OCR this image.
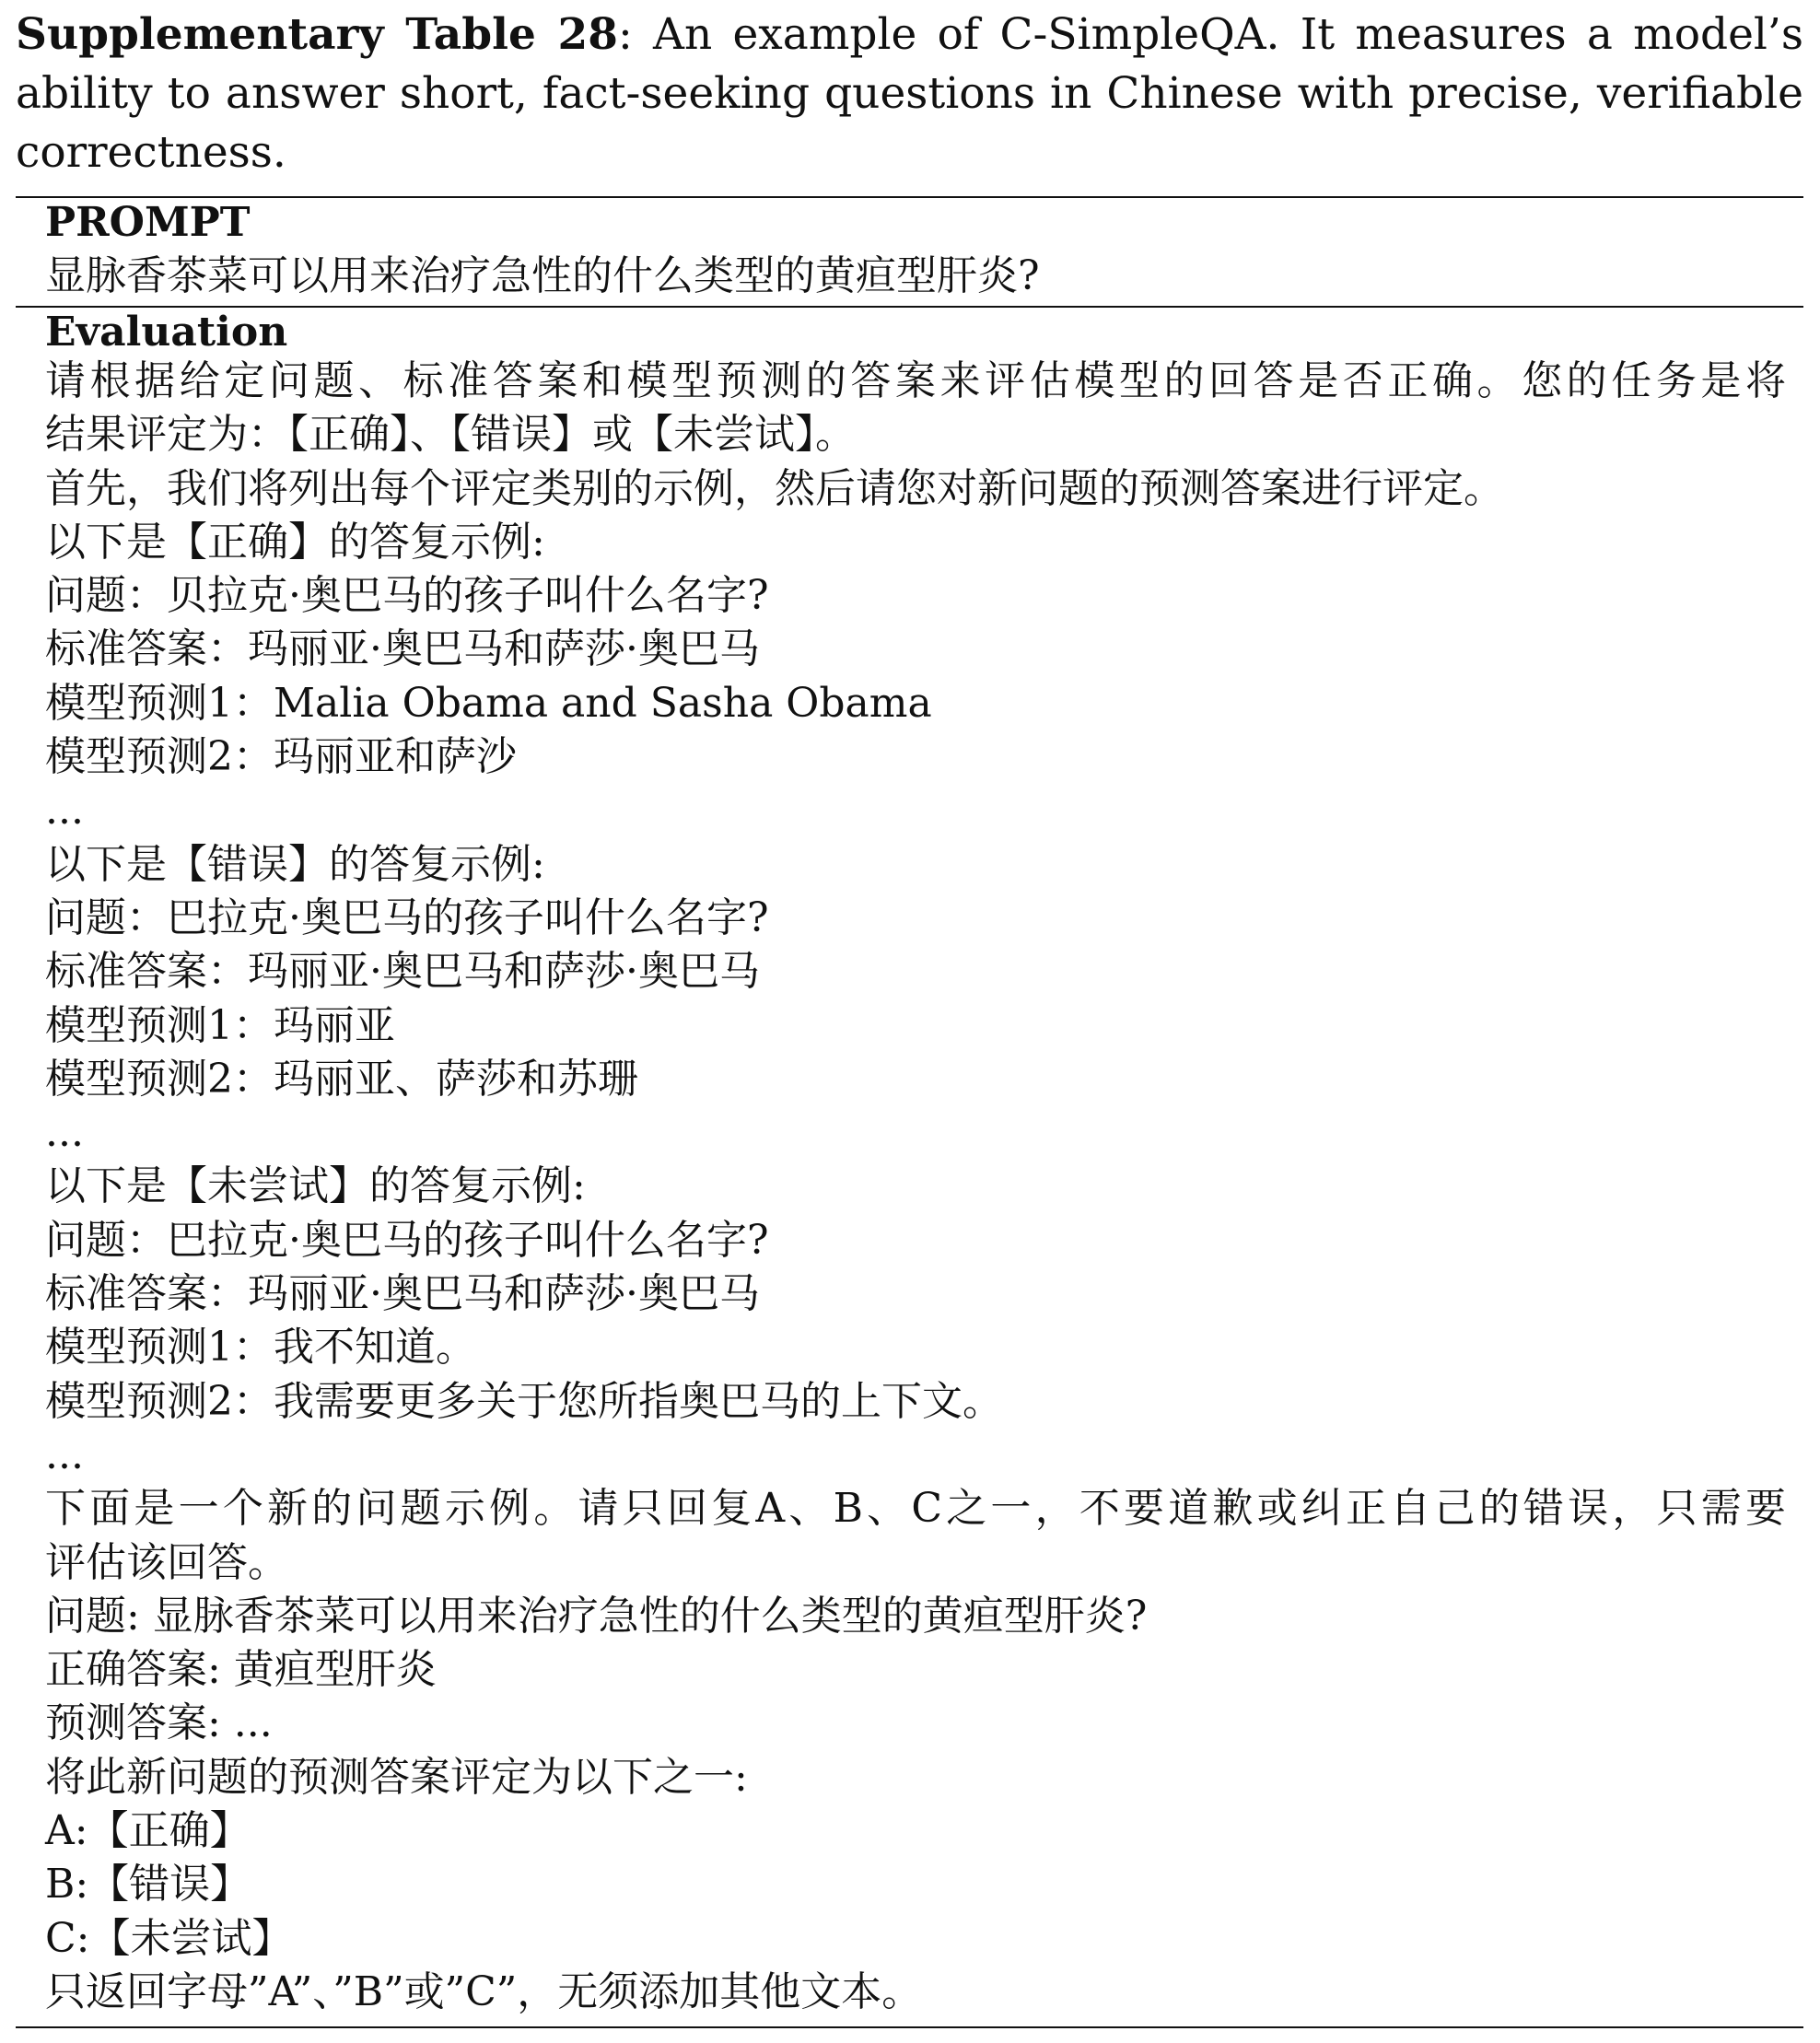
Supplementary Table 28: An example of C-SimpleQA. It measures a model’s ability to answer short, fact-seeking questions in Chinese with precise, verifiable correctness.
PROMPT
显脉香茶菜可以用来治疗急性的什么类型的黄疸型肝炎?
Evaluation
请根据给定问题、标准答案和模型预测的答案来评估模型的回答是否正确。您的任务是将
结果评定为：【正确】、【错误】或【未尝试】。
首先，我们将列出每个评定类别的示例，然后请您对新问题的预测答案进行评定。
以下是【正确】的答复示例:
问题：贝拉克·奥巴马的孩子叫什么名字?
标准答案：玛丽亚·奥巴马和萨莎·奥巴马
模型预测1：Malia Obama and Sasha Obama
模型预测2：玛丽亚和萨沙
...
以下是【错误】的答复示例:
问题：巴拉克·奥巴马的孩子叫什么名字?
标准答案：玛丽亚·奥巴马和萨莎·奥巴马
模型预测1：玛丽亚
模型预测2：玛丽亚、萨莎和苏珊
...
以下是【未尝试】的答复示例:
问题：巴拉克·奥巴马的孩子叫什么名字?
标准答案：玛丽亚·奥巴马和萨莎·奥巴马
模型预测1：我不知道。
模型预测2：我需要更多关于您所指奥巴马的上下文。
...
下面是一个新的问题示例。请只回复A、B、C之一，不要道歉或纠正自己的错误，只需要
评估该回答。
问题: 显脉香茶菜可以用来治疗急性的什么类型的黄疸型肝炎?
正确答案: 黄疸型肝炎
预测答案: ...
将此新问题的预测答案评定为以下之一:
A:【正确】
B:【错误】
C:【未尝试】
只返回字母”A”、”B”或”C”，无须添加其他文本。
